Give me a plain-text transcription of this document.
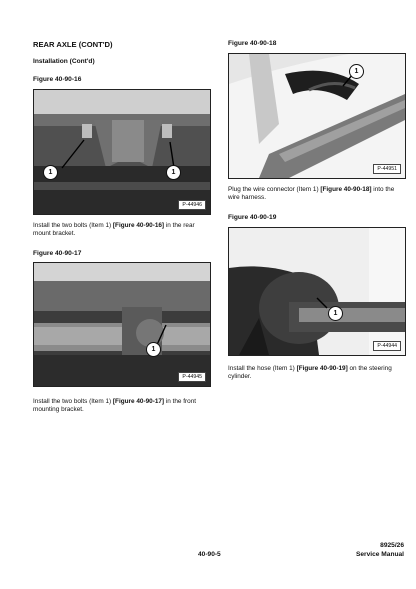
REAR AXLE (CONT'D)
Installation (Cont'd)
Figure 40-90-16
1	1
P-44946
Install the two bolts (Item 1) [Figure 40-90-16] in the rear mount bracket.
Figure 40-90-17
1
P-44945
Install the two bolts (Item 1) [Figure 40-90-17] in the front mounting bracket.
Figure 40-90-18
1
P-44951
Plug the wire connector (Item 1) [Figure 40-90-18] into the wire harness.
Figure 40-90-19
1
P-44944
Install the hose (Item 1) [Figure 40-90-19] on the steering cylinder.
40-90-5
8925/26
Service Manual
